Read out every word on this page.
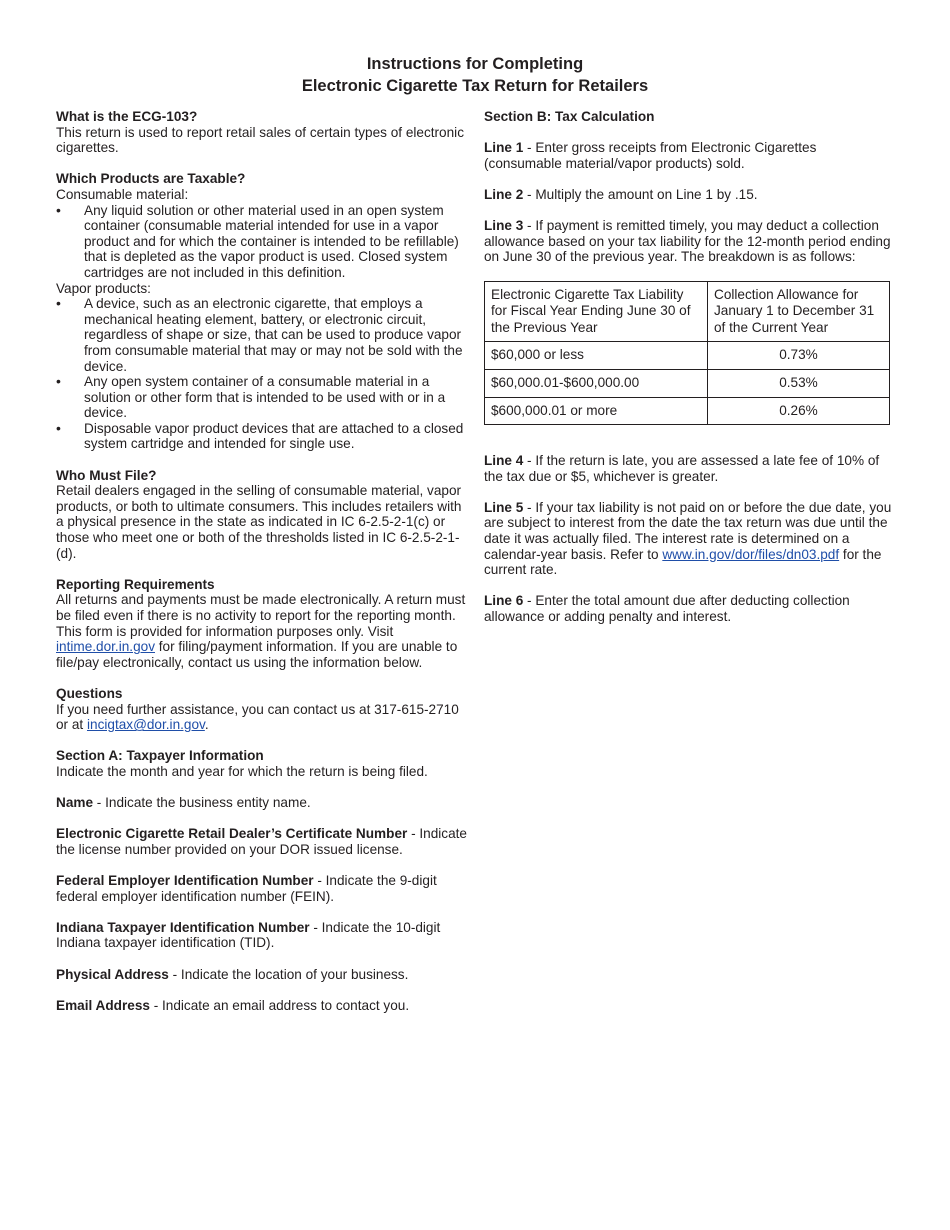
Instructions for Completing
Electronic Cigarette Tax Return for Retailers
What is the ECG-103?

This return is used to report retail sales of certain types of electronic cigarettes.

Which Products are Taxable?

Consumable material:

• Any liquid solution or other material used in an open system container (consumable material intended for use in a vapor product and for which the container is intended to be refillable) that is depleted as the vapor product is used. Closed system cartridges are not included in this definition.

Vapor products:

• A device, such as an electronic cigarette, that employs a mechanical heating element, battery, or electronic circuit, regardless of shape or size, that can be used to produce vapor from consumable material that may or may not be sold with the device.
• Any open system container of a consumable material in a solution or other form that is intended to be used with or in a device.
• Disposable vapor product devices that are attached to a closed system cartridge and intended for single use.
Who Must File?

Retail dealers engaged in the selling of consumable material, vapor products, or both to ultimate consumers. This includes retailers with a physical presence in the state as indicated in IC 6-2.5-2-1(c) or those who meet one or both of the thresholds listed in IC 6-2.5-2-1-(d).

Reporting Requirements

All returns and payments must be made electronically. A return must be filed even if there is no activity to report for the reporting month. This form is provided for information purposes only. Visit intime.dor.in.gov for filing/payment information. If you are unable to file/pay electronically, contact us using the information below.

Questions

If you need further assistance, you can contact us at 317-615-2710 or at incigtax@dor.in.gov.

Section A: Taxpayer Information

Indicate the month and year for which the return is being filed.

Name - Indicate the business entity name.
Electronic Cigarette Retail Dealer’s Certificate Number - Indicate the license number provided on your DOR issued license.
Federal Employer Identification Number - Indicate the 9-digit federal employer identification number (FEIN).
Indiana Taxpayer Identification Number - Indicate the 10-digit Indiana taxpayer identification (TID).
Physical Address - Indicate the location of your business.
Email Address - Indicate an email address to contact you.
Section B: Tax Calculation
Line 1 - Enter gross receipts from Electronic Cigarettes (consumable material/vapor products) sold.
Line 2 - Multiply the amount on Line 1 by .15.
Line 3 - If payment is remitted timely, you may deduct a collection allowance based on your tax liability for the 12-month period ending on June 30 of the previous year. The breakdown is as follows:
Electronic Cigarette Tax Liability for Fiscal Year Ending June 30 of the Previous Year	Collection Allowance for January 1 to December 31 of the Current Year
$60,000 or less	0.73%
$60,000.01-$600,000.00	0.53%
$600,000.01 or more	0.26%
Line 4 - If the return is late, you are assessed a late fee of 10% of the tax due or $5, whichever is greater.
Line 5 - If your tax liability is not paid on or before the due date, you are subject to interest from the date the tax return was due until the date it was actually filed. The interest rate is determined on a calendar-year basis. Refer to www.in.gov/dor/files/dn03.pdf for the current rate.
Line 6 - Enter the total amount due after deducting collection allowance or adding penalty and interest.
